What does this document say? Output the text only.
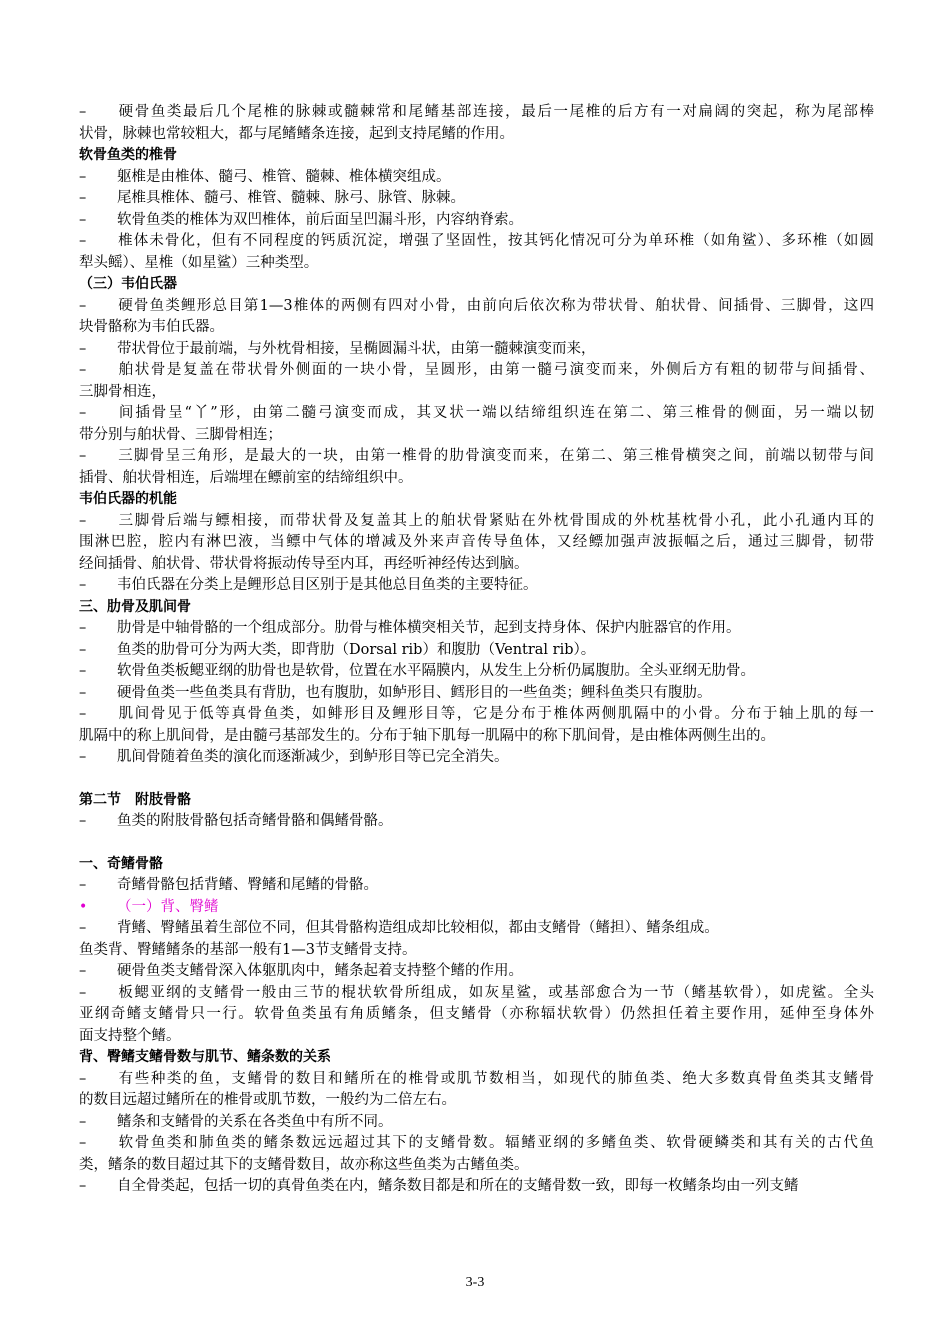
– 硬骨鱼类最后几个尾椎的脉棘或髓棘常和尾鳍基部连接，最后一尾椎的后方有一对扁阔的突起，称为尾部棒
状骨，脉棘也常较粗大，都与尾鳍鳍条连接，起到支持尾鳍的作用。
软骨鱼类的椎骨
– 躯椎是由椎体、髓弓、椎管、髓棘、椎体横突组成。
– 尾椎具椎体、髓弓、椎管、髓棘、脉弓、脉管、脉棘。
– 软骨鱼类的椎体为双凹椎体，前后面呈凹漏斗形，内容纳脊索。
– 椎体未骨化，但有不同程度的钙质沉淀，增强了坚固性，按其钙化情况可分为单环椎（如角鲨）、多环椎（如圆
犁头鳐）、星椎（如星鲨）三种类型。
（三）韦伯氏器
– 硬骨鱼类鲤形总目第1—3椎体的两侧有四对小骨，由前向后依次称为带状骨、舶状骨、间插骨、三脚骨，这四
块骨骼称为韦伯氏器。
– 带状骨位于最前端，与外枕骨相接，呈椭圆漏斗状，由第一髓棘演变而来，
– 舶状骨是复盖在带状骨外侧面的一块小骨，呈圆形，由第一髓弓演变而来，外侧后方有粗的韧带与间插骨、
三脚骨相连，
– 间插骨呈“丫”形，由第二髓弓演变而成，其叉状一端以结缔组织连在第二、第三椎骨的侧面，另一端以韧
带分别与舶状骨、三脚骨相连；
– 三脚骨呈三角形，是最大的一块，由第一椎骨的肋骨演变而来，在第二、第三椎骨横突之间，前端以韧带与间
插骨、舶状骨相连，后端埋在鳔前室的结缔组织中。
韦伯氏器的机能
– 三脚骨后端与鳔相接，而带状骨及复盖其上的舶状骨紧贴在外枕骨围成的外枕基枕骨小孔，此小孔通内耳的
围淋巴腔，腔内有淋巴液，当鳔中气体的增减及外来声音传导鱼体，又经鳔加强声波振幅之后，通过三脚骨，韧带
经间插骨、舶状骨、带状骨将振动传导至内耳，再经听神经传达到脑。
– 韦伯氏器在分类上是鲤形总目区别于是其他总目鱼类的主要特征。
三、肋骨及肌间骨
– 肋骨是中轴骨骼的一个组成部分。肋骨与椎体横突相关节，起到支持身体、保护内脏器官的作用。
– 鱼类的肋骨可分为两大类，即背肋（Dorsal rib）和腹肋（Ventral rib）。
– 软骨鱼类板鳃亚纲的肋骨也是软骨，位置在水平隔膜内，从发生上分析仍属腹肋。全头亚纲无肋骨。
– 硬骨鱼类一些鱼类具有背肋，也有腹肋，如鲈形目、鳕形目的一些鱼类；鲤科鱼类只有腹肋。
– 肌间骨见于低等真骨鱼类，如鲱形目及鲤形目等，它是分布于椎体两侧肌隔中的小骨。分布于轴上肌的每一
肌隔中的称上肌间骨，是由髓弓基部发生的。分布于轴下肌每一肌隔中的称下肌间骨，是由椎体两侧生出的。
– 肌间骨随着鱼类的演化而逐渐减少，到鲈形目等已完全消失。
第二节　附肢骨骼
– 鱼类的附肢骨骼包括奇鳍骨骼和偶鳍骨骼。
一、奇鳍骨骼
– 奇鳍骨骼包括背鳍、臀鳍和尾鳍的骨骼。
• （一）背、臀鳍
– 背鳍、臀鳍虽着生部位不同，但其骨骼构造组成却比较相似，都由支鳍骨（鳍担）、鳍条组成。
鱼类背、臀鳍鳍条的基部一般有1—3节支鳍骨支持。
– 硬骨鱼类支鳍骨深入体躯肌肉中，鳍条起着支持整个鳍的作用。
– 板鳃亚纲的支鳍骨一般由三节的棍状软骨所组成，如灰星鲨，或基部愈合为一节（鳍基软骨），如虎鲨。全头
亚纲奇鳍支鳍骨只一行。软骨鱼类虽有角质鳍条，但支鳍骨（亦称辐状软骨）仍然担任着主要作用，延伸至身体外
面支持整个鳍。
背、臀鳍支鳍骨数与肌节、鳍条数的关系
– 有些种类的鱼，支鳍骨的数目和鳍所在的椎骨或肌节数相当，如现代的肺鱼类、绝大多数真骨鱼类其支鳍骨
的数目远超过鳍所在的椎骨或肌节数，一般约为二倍左右。
– 鳍条和支鳍骨的关系在各类鱼中有所不同。
– 软骨鱼类和肺鱼类的鳍条数远远超过其下的支鳍骨数。辐鳍亚纲的多鳍鱼类、软骨硬鳞类和其有关的古代鱼
类，鳍条的数目超过其下的支鳍骨数目，故亦称这些鱼类为古鳍鱼类。
– 自全骨类起，包括一切的真骨鱼类在内，鳍条数目都是和所在的支鳍骨数一致，即每一枚鳍条均由一列支鳍
3-3
